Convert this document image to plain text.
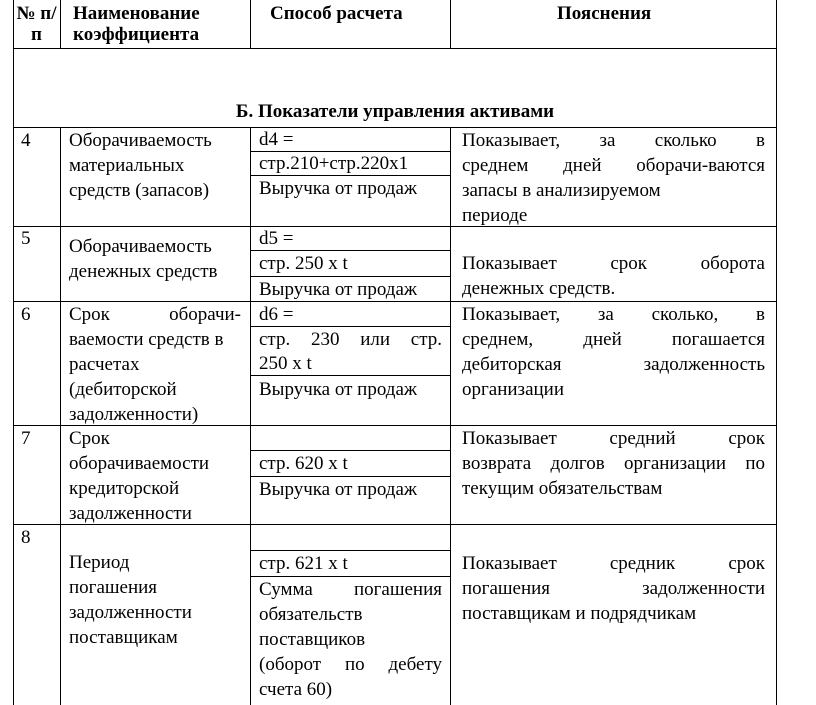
№ п/п
Наименование коэффициента
Способ расчета	Пояснения
Б. Показатели управления активами
4 Оборачиваемость
материальных
средств (запасов)
d4 =
стр.210+стр.220х1
Выручка от продаж
Показывает, за сколько в
среднем дней оборачи-ваются
запасы в анализируемом
периоде
5 Оборачиваемость
денежных средств
d5 =
стр. 250 х t
Выручка от продаж
Показывает срок оборота
денежных средств.
6 Срок оборачи-
ваемости средств в
расчетах
(дебиторской
задолженности)
d6 =
стр. 230 или стр.
250 х t
Выручка от продаж
Показывает, за сколько, в
среднем, дней погашается
дебиторская задолженность
организации
7 Срок
оборачиваемости
кредиторской
задолженности
стр. 620 х t
Выручка от продаж
Показывает средний срок
возврата долгов организации по
текущим обязательствам
8
Период
погашения
задолженности
поставщикам
стр. 621 х t
Сумма погашения
обязательств
поставщиков
(оборот по дебету
счета 60)
Показывает средник срок
погашения задолженности
поставщикам и подрядчикам
